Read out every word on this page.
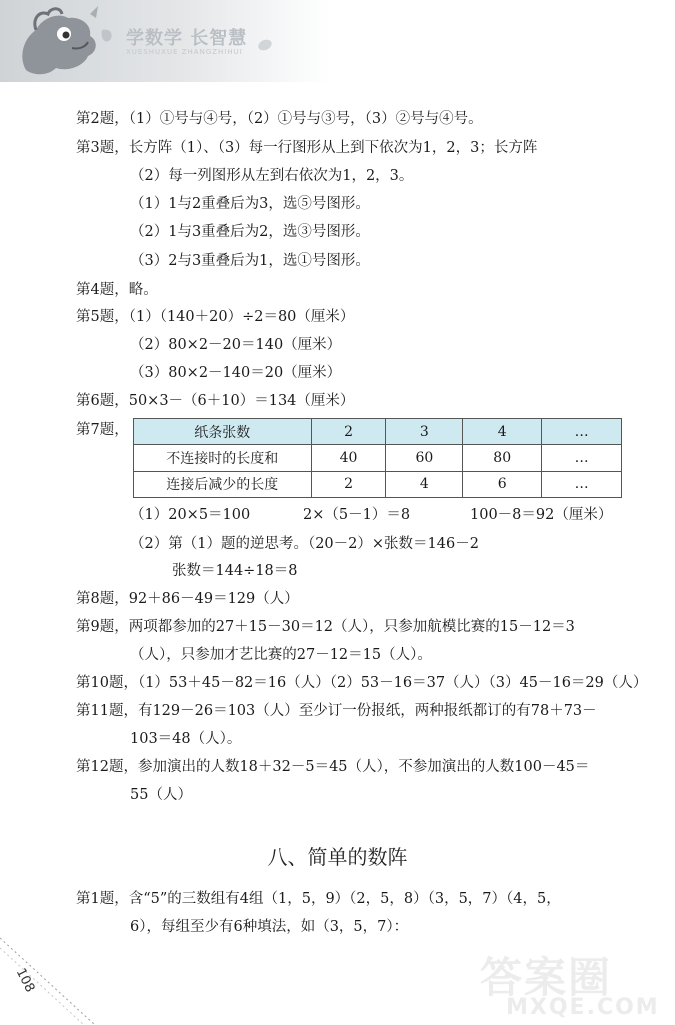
学数学 长智慧
XUESHUXUE ZHANGZHIHUI
第2题，（1）①号与④号，（2）①号与③号，（3）②号与④号。
第3题，长方阵（1）、（3）每一行图形从上到下依次为1，2，3；长方阵
（2）每一列图形从左到右依次为1，2，3。
（1）1与2重叠后为3，选⑤号图形。
（2）1与3重叠后为2，选③号图形。
（3）2与3重叠后为1，选①号图形。
第4题，略。
第5题，（1）（140＋20）÷2＝80（厘米）
（2）80×2－20＝140（厘米）
（3）80×2－140＝20（厘米）
第6题，50×3－（6＋10）＝134（厘米）
第7题，	纸条张数	2	3	4	…
不连接时的长度和	40	60	80	…
连接后减少的长度	2	4	6	…
（1）20×5＝100	2×（5－1）＝8	100－8＝92（厘米）
（2）第（1）题的逆思考。（20－2）×张数＝146－2
张数＝144÷18＝8
第8题，92＋86－49＝129（人）
第9题，两项都参加的27＋15－30＝12（人），只参加航模比赛的15－12＝3
（人），只参加才艺比赛的27－12＝15（人）。
第10题，（1）53＋45－82＝16（人）（2）53－16＝37（人）（3）45－16＝29（人）
第11题，有129－26＝103（人）至少订一份报纸，两种报纸都订的有78＋73－
103＝48（人）。
第12题，参加演出的人数18＋32－5＝45（人），不参加演出的人数100－45＝
55（人）
八、简单的数阵
第1题，含“5”的三数组有4组（1，5，9）（2，5，8）（3，5，7）（4，5，
6），每组至少有6种填法，如（3，5，7）：
108	答案圈
MXQE.COM
